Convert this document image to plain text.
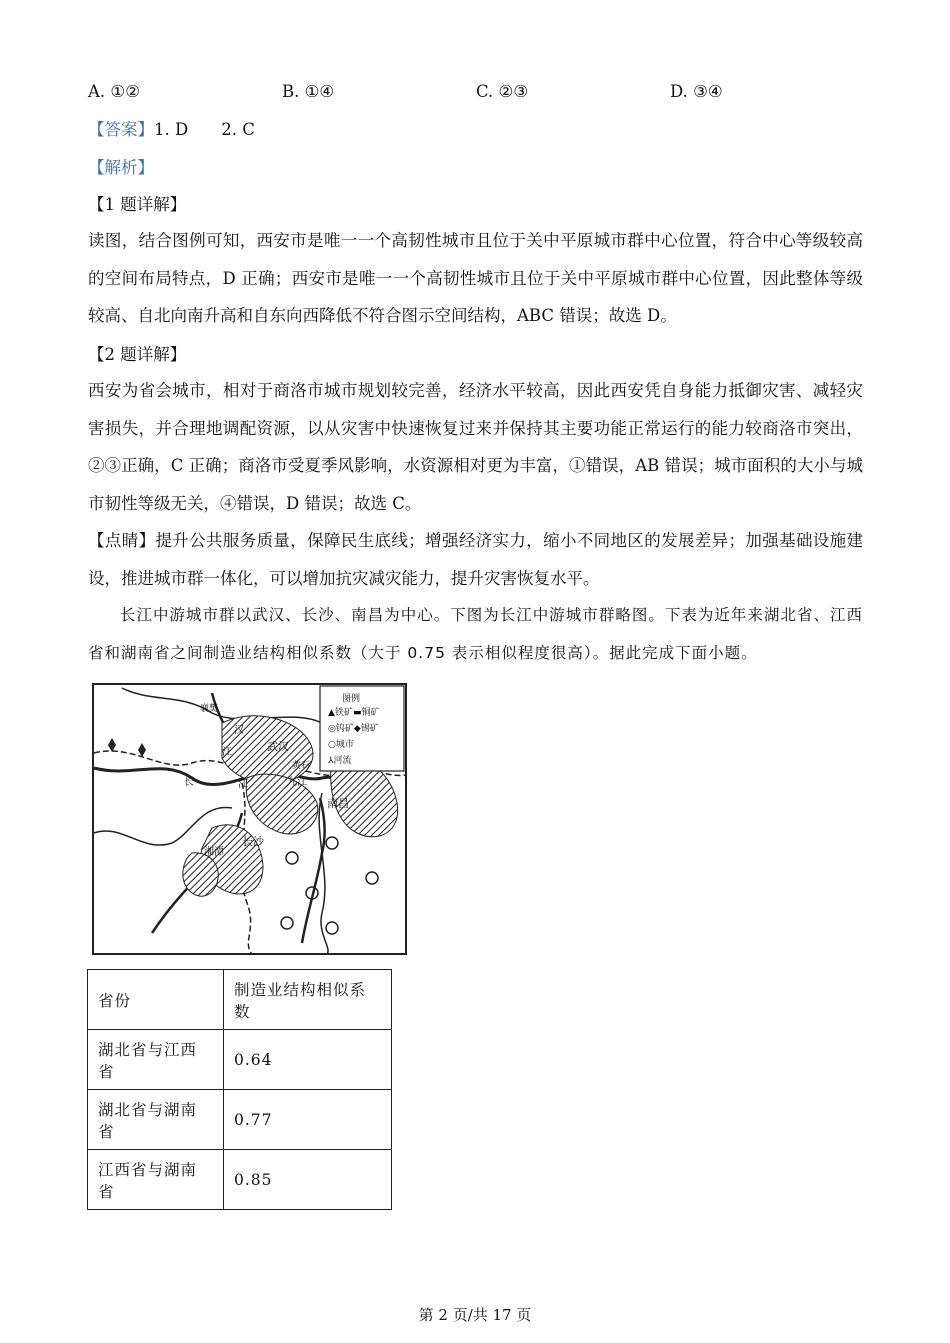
A. ①②	B. ①④	C. ②③	D. ③④
【答案】1. D　　2. C
【解析】
【1 题详解】
读图，结合图例可知，西安市是唯一一个高韧性城市且位于关中平原城市群中心位置，符合中心等级较高的空间布局特点，D 正确；西安市是唯一一个高韧性城市且位于关中平原城市群中心位置，因此整体等级较高、自北向南升高和自东向西降低不符合图示空间结构，ABC 错误；故选 D。
【2 题详解】
西安为省会城市，相对于商洛市城市规划较完善，经济水平较高，因此西安凭自身能力抵御灾害、减轻灾害损失，并合理地调配资源，以从灾害中快速恢复过来并保持其主要功能正常运行的能力较商洛市突出，②③正确，C 正确；商洛市受夏季风影响，水资源相对更为丰富，①错误，AB 错误；城市面积的大小与城市韧性等级无关，④错误，D 错误；故选 C。
【点睛】提升公共服务质量，保障民生底线；增强经济实力，缩小不同地区的发展差异；加强基础设施建设，推进城市群一体化，可以增加抗灾减灾能力，提升灾害恢复水平。
长江中游城市群以武汉、长沙、南昌为中心。下图为长江中游城市群略图。下表为近年来湖北省、江西省和湖南省之间制造业结构相似系数（大于 0.75 表示相似程度很高）。据此完成下面小题。
图例
▲铁矿▬铜矿
◎钨矿◆锡矿
○城市
⅄河流
武汉
长沙
南昌
九江
黄石
湘潭
襄樊
汉
江
长	江
省份	制造业结构相似系数
湖北省与江西省	0.64
湖北省与湖南省	0.77
江西省与湖南省	0.85
第 2 页/共 17 页
